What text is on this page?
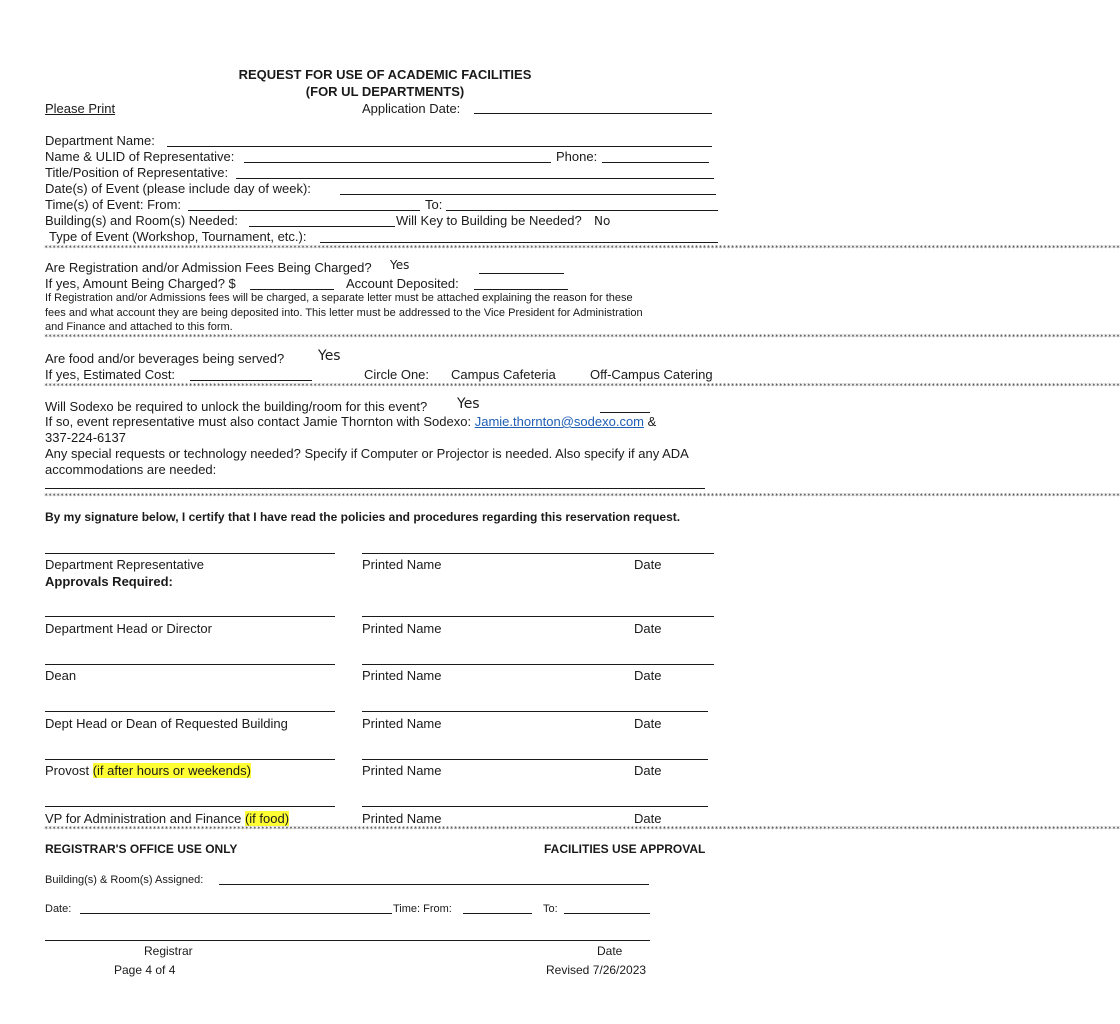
REQUEST FOR USE OF ACADEMIC FACILITIES
(FOR UL DEPARTMENTS)
Please Print	Application Date:
Department Name:
Name & ULID of Representative:	Phone:
Title/Position of Representative:
Date(s) of Event (please include day of week):
Time(s) of Event: From:	To:
Building(s) and Room(s) Needed:	Will Key to Building be Needed? No
Type of Event (Workshop, Tournament, etc.):
****************************************************************************************************************************************************************************************************************************************************************************
Are Registration and/or Admission Fees Being Charged? Yes
If yes, Amount Being Charged? $	Account Deposited:
If Registration and/or Admissions fees will be charged, a separate letter must be attached explaining the reason for these
fees and what account they are being deposited into. This letter must be addressed to the Vice President for Administration
and Finance and attached to this form.
****************************************************************************************************************************************************************************************************************************************************************************
Are food and/or beverages being served? Yes
If yes, Estimated Cost:	Circle One: Campus Cafeteria	Off-Campus Catering
****************************************************************************************************************************************************************************************************************************************************************************
Will Sodexo be required to unlock the building/room for this event? Yes
If so, event representative must also contact Jamie Thornton with Sodexo: Jamie.thornton@sodexo.com &
337-224-6137
Any special requests or technology needed? Specify if Computer or Projector is needed. Also specify if any ADA
accommodations are needed:
****************************************************************************************************************************************************************************************************************************************************************************
By my signature below, I certify that I have read the policies and procedures regarding this reservation request.
Department Representative	Printed Name	Date
Approvals Required:
Department Head or Director	Printed Name	Date
Dean	Printed Name	Date
Dept Head or Dean of Requested Building	Printed Name	Date
Provost (if after hours or weekends)	Printed Name	Date
VP for Administration and Finance (if food)	Printed Name	Date
****************************************************************************************************************************************************************************************************************************************************************************
REGISTRAR'S OFFICE USE ONLY	FACILITIES USE APPROVAL
Building(s) & Room(s) Assigned:
Date:	Time: From:	To:
Registrar	Date
Page 4 of 4	Revised 7/26/2023
